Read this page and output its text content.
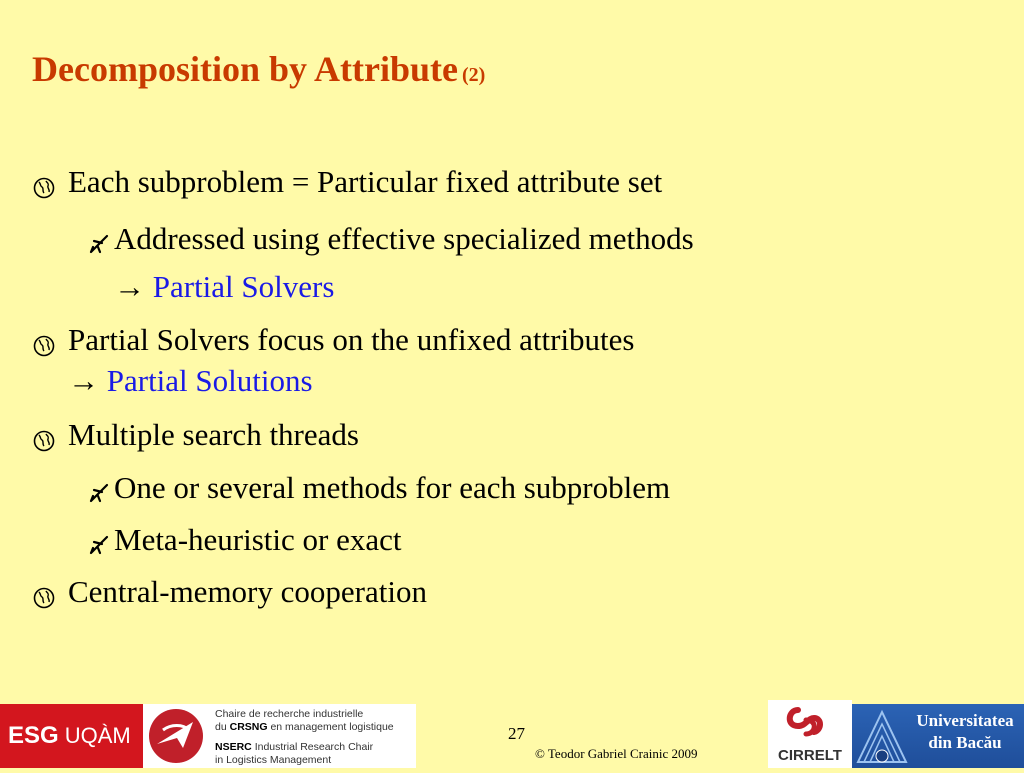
Decomposition by Attribute (2)
Each subproblem = Particular fixed attribute set
Addressed using effective specialized methods
→ Partial Solvers
Partial Solvers focus on the unfixed attributes
→ Partial Solutions
Multiple search threads
One or several methods for each subproblem
Meta-heuristic or exact
Central-memory cooperation
ESG UQÀM
Chaire de recherche industrielle
du CRSNG en management logistique
NSERC Industrial Research Chair
in Logistics Management
27
© Teodor Gabriel Crainic 2009	CIRRELT
Universitatea
din Bacău
